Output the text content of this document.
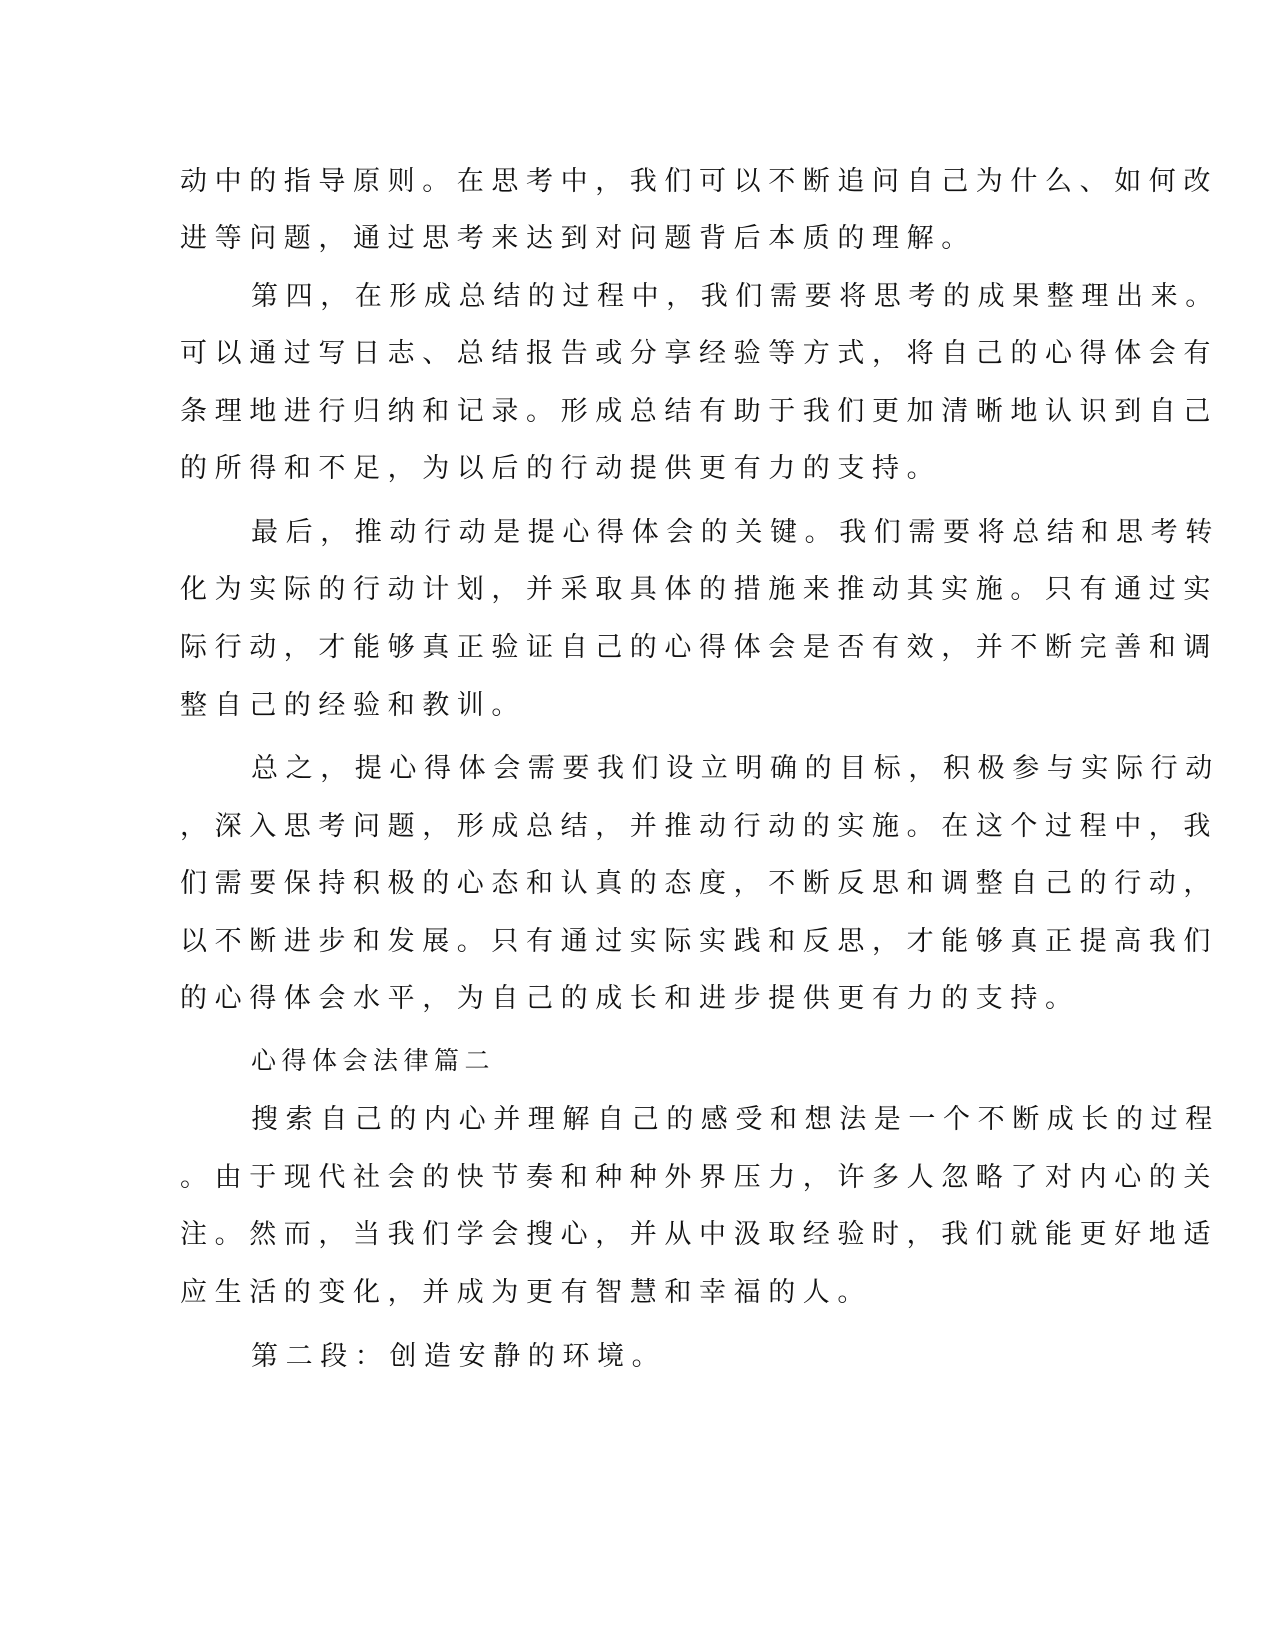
动中的指导原则。在思考中，我们可以不断追问自己为什么、如何改

进等问题，通过思考来达到对问题背后本质的理解。

第四，在形成总结的过程中，我们需要将思考的成果整理出来。

可以通过写日志、总结报告或分享经验等方式，将自己的心得体会有

条理地进行归纳和记录。形成总结有助于我们更加清晰地认识到自己

的所得和不足，为以后的行动提供更有力的支持。

最后，推动行动是提心得体会的关键。我们需要将总结和思考转

化为实际的行动计划，并采取具体的措施来推动其实施。只有通过实

际行动，才能够真正验证自己的心得体会是否有效，并不断完善和调

整自己的经验和教训。

总之，提心得体会需要我们设立明确的目标，积极参与实际行动

，深入思考问题，形成总结，并推动行动的实施。在这个过程中，我

们需要保持积极的心态和认真的态度，不断反思和调整自己的行动，

以不断进步和发展。只有通过实际实践和反思，才能够真正提高我们

的心得体会水平，为自己的成长和进步提供更有力的支持。

心得体会法律篇二

搜索自己的内心并理解自己的感受和想法是一个不断成长的过程

。由于现代社会的快节奏和种种外界压力，许多人忽略了对内心的关

注。然而，当我们学会搜心，并从中汲取经验时，我们就能更好地适

应生活的变化，并成为更有智慧和幸福的人。

第二段：创造安静的环境。
